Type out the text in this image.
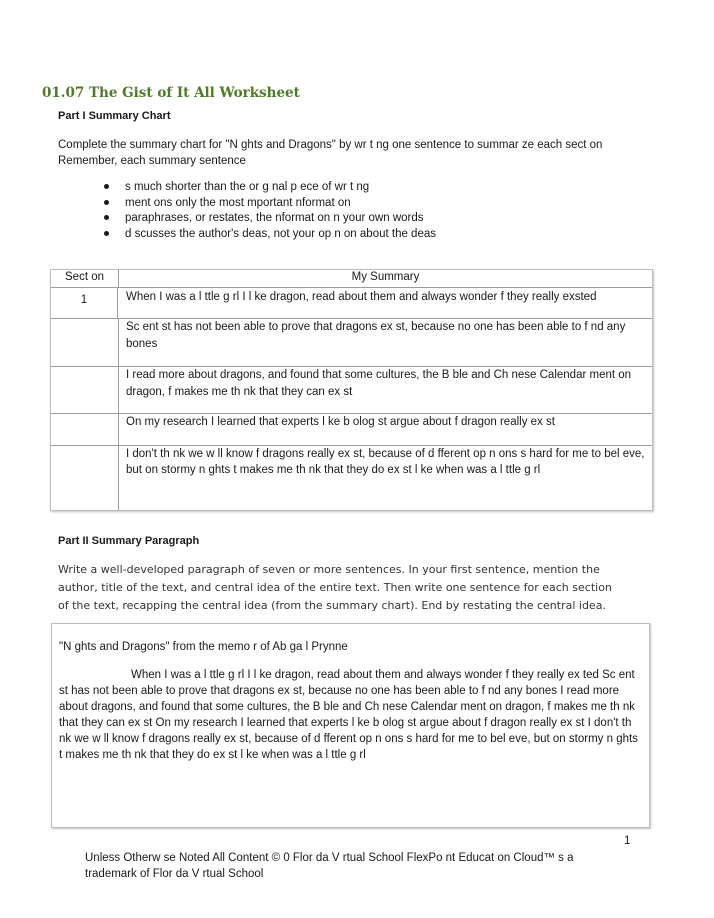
01.07 The Gist of It All Worksheet
Part I Summary Chart
Complete the summary chart for "N ghts and Dragons" by wr t ng one sentence to summar ze each sect on
Remember, each summary sentence
s much shorter than the or g nal p ece of wr t ng
ment ons only the most mportant nformat on
paraphrases, or restates, the nformat on n your own words
d scusses the author's deas, not your op n on about the deas
Sect on	My Summary
1	When I was a l ttle g rl I l ke dragon, read about them and always wonder f they really exsted
Sc ent st has not been able to prove that dragons ex st, because no one has been able to f nd any bones
I read more about dragons, and found that some cultures, the B ble and Ch nese Calendar ment on dragon, f makes me th nk that they can ex st
On my research I learned that experts l ke b olog st argue about f dragon really ex st
I don't th nk we w ll know f dragons really ex st, because of d fferent op n ons s hard for me to bel eve, but on stormy n ghts t makes me th nk that they do ex st l ke when was a l ttle g rl
Part II Summary Paragraph
Write a well-developed paragraph of seven or more sentences. In your first sentence, mention the author, title of the text, and central idea of the entire text. Then write one sentence for each section of the text, recapping the central idea (from the summary chart). End by restating the central idea.
"N ghts and Dragons" from the memo r of Ab ga l Prynne
When I was a l ttle g rl I l ke dragon, read about them and always wonder f they really ex ted Sc ent st has not been able to prove that dragons ex st, because no one has been able to f nd any bones I read more about dragons, and found that some cultures, the B ble and Ch nese Calendar ment on dragon, f makes me th nk that they can ex st On my research I learned that experts l ke b olog st argue about f dragon really ex st I don't th nk we w ll know f dragons really ex st, because of d fferent op n ons s hard for me to bel eve, but on stormy n ghts t makes me th nk that they do ex st l ke when was a l ttle g rl
1
Unless Otherw se Noted All Content © 0 Flor da V rtual School FlexPo nt Educat on Cloud™ s a trademark of Flor da V rtual School
